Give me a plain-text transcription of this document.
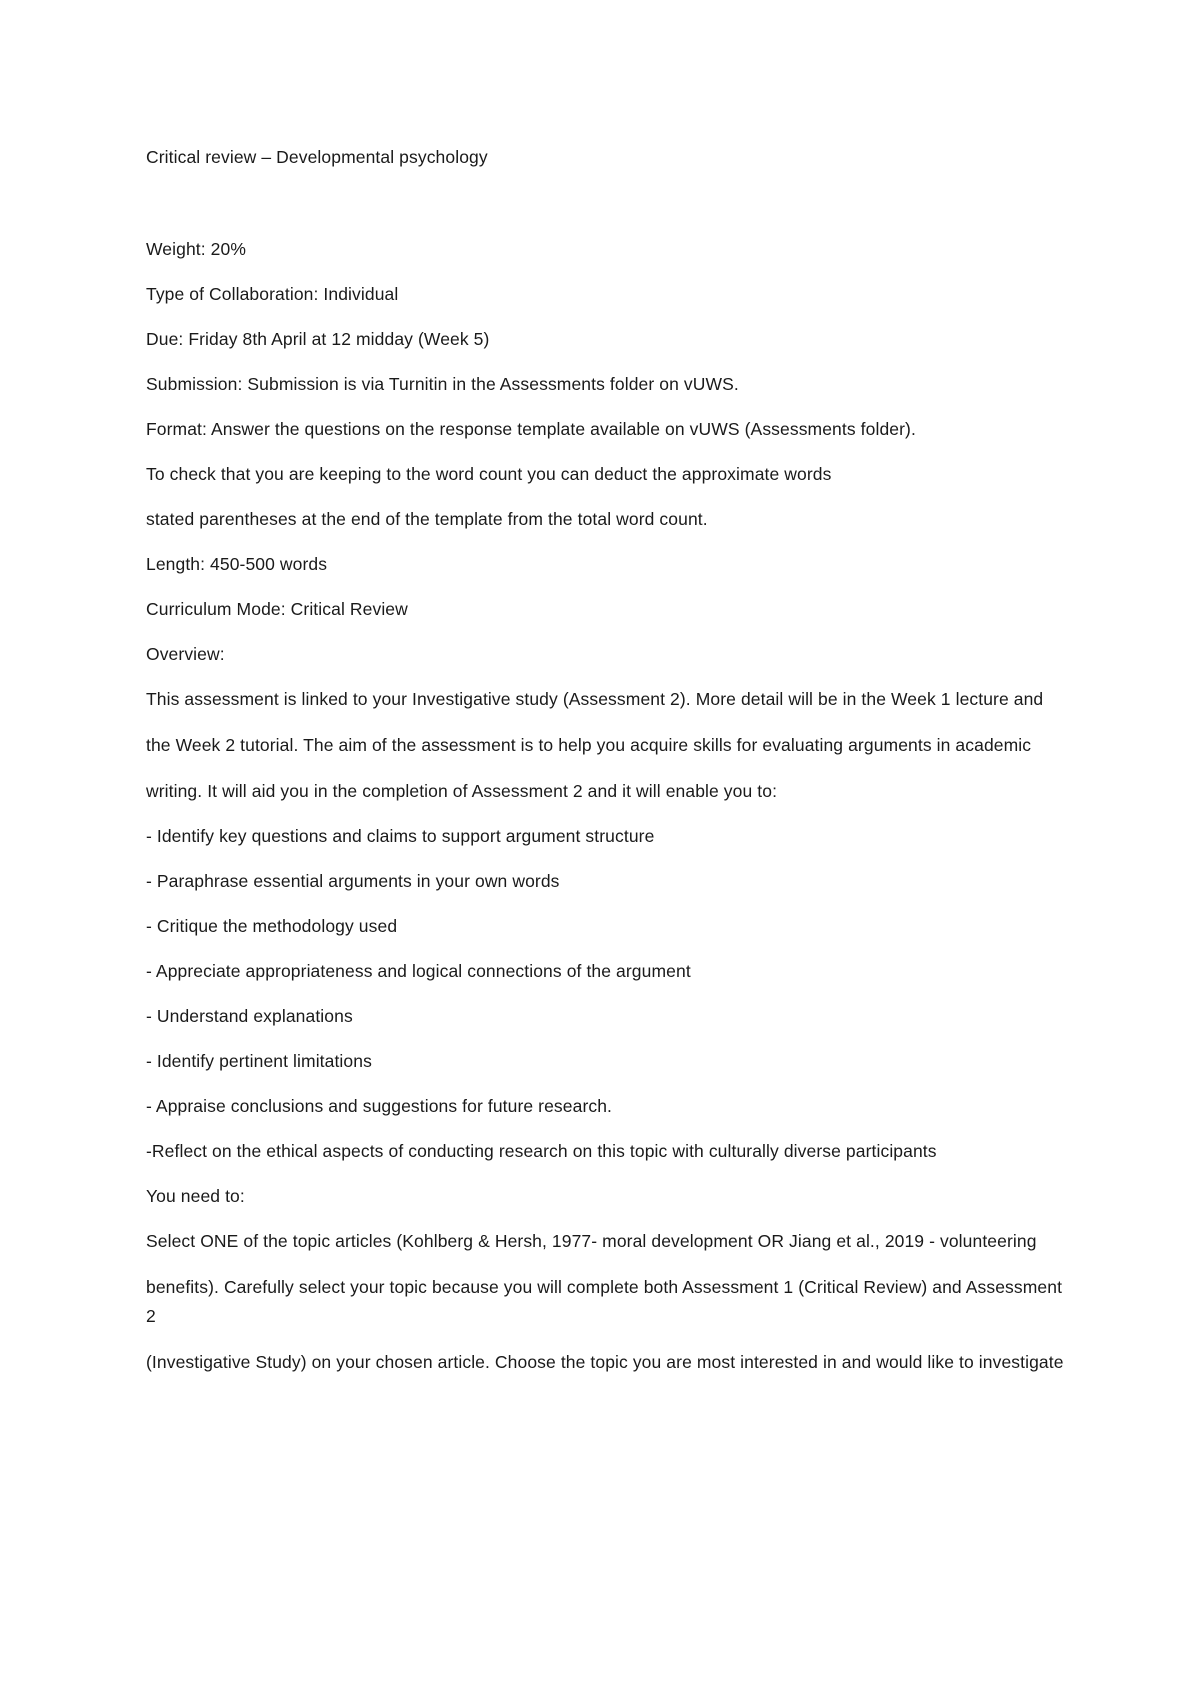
Critical review – Developmental psychology

Weight: 20%

Type of Collaboration: Individual

Due: Friday 8th April at 12 midday (Week 5)

Submission: Submission is via Turnitin in the Assessments folder on vUWS.

Format: Answer the questions on the response template available on vUWS (Assessments folder).

To check that you are keeping to the word count you can deduct the approximate words

stated parentheses at the end of the template from the total word count.

Length: 450-500 words

Curriculum Mode: Critical Review

Overview:

This assessment is linked to your Investigative study (Assessment 2). More detail will be in the Week 1 lecture and

the Week 2 tutorial. The aim of the assessment is to help you acquire skills for evaluating arguments in academic

writing. It will aid you in the completion of Assessment 2 and it will enable you to:

- Identify key questions and claims to support argument structure

- Paraphrase essential arguments in your own words

- Critique the methodology used

- Appreciate appropriateness and logical connections of the argument

- Understand explanations

- Identify pertinent limitations

- Appraise conclusions and suggestions for future research.

-Reflect on the ethical aspects of conducting research on this topic with culturally diverse participants

You need to:

Select ONE of the topic articles (Kohlberg & Hersh, 1977- moral development OR Jiang et al., 2019 - volunteering

benefits). Carefully select your topic because you will complete both Assessment 1 (Critical Review) and Assessment 2

(Investigative Study) on your chosen article. Choose the topic you are most interested in and would like to investigate
